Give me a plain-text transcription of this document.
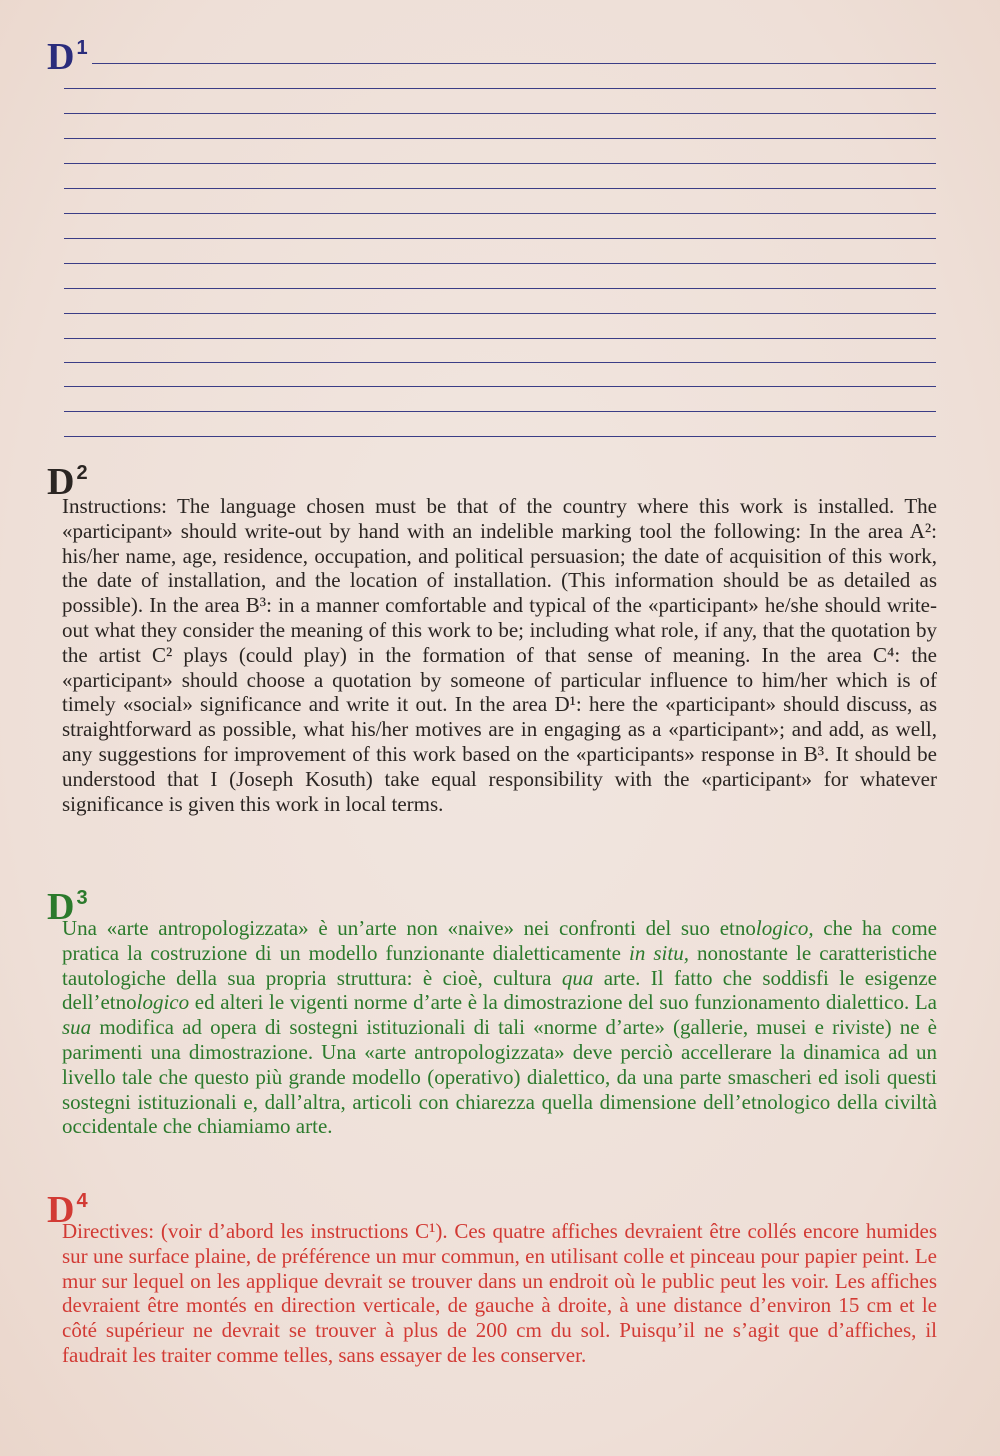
D $^1$
D $^2$

Instructions: The language chosen must be that of the country where this work is installed. The «participant» should write-out by hand with an indelible marking tool the following: In the area A²: his/her name, age, residence, occupation, and political persuasion; the date of acquisition of this work, the date of installation, and the location of installation. (This information should be as detailed as possible). In the area B³: in a manner comfortable and typical of the «participant» he/she should write-out what they consider the meaning of this work to be; including what role, if any, that the quotation by the artist C² plays (could play) in the formation of that sense of meaning. In the area C⁴: the «participant» should choose a quotation by someone of particular influence to him/her which is of timely «social» significance and write it out. In the area D¹: here the «participant» should discuss, as straightforward as possible, what his/her motives are in engaging as a «participant»; and add, as well, any suggestions for improvement of this work based on the «participants» response in B³. It should be understood that I (Joseph Kosuth) take equal responsibility with the «participant» for whatever significance is given this work in local terms.

D $^3$

Una «arte antropologizzata» è un’arte non «naive» nei confronti del suo etnologico, che ha come pratica la costruzione di un modello funzionante dialetticamente in situ, nonostante le caratteristiche tautologiche della sua propria struttura: è cioè, cultura qua arte. Il fatto che soddisfi le esigenze dell’etnologico ed alteri le vigenti norme d’arte è la dimostrazione del suo funzionamento dialettico. La sua modifica ad opera di sostegni istituzionali di tali «norme d’arte» (gallerie, musei e riviste) ne è parimenti una dimostrazione. Una «arte antropologizzata» deve perciò accellerare la dinamica ad un livello tale che questo più grande modello (operativo) dialettico, da una parte smascheri ed isoli questi sostegni istituzionali e, dall’altra, articoli con chiarezza quella dimensione dell’etnologico della civiltà occidentale che chiamiamo arte.

D $^4$

Directives: (voir d’abord les instructions C¹). Ces quatre affiches devraient être collés encore humides sur une surface plaine, de préférence un mur commun, en utilisant colle et pinceau pour papier peint. Le mur sur lequel on les applique devrait se trouver dans un endroit où le public peut les voir. Les affiches devraient être montés en direction verticale, de gauche à droite, à une distance d’environ 15 cm et le côté supérieur ne devrait se trouver à plus de 200 cm du sol. Puisqu’il ne s’agit que d’affiches, il faudrait les traiter comme telles, sans essayer de les conserver.
